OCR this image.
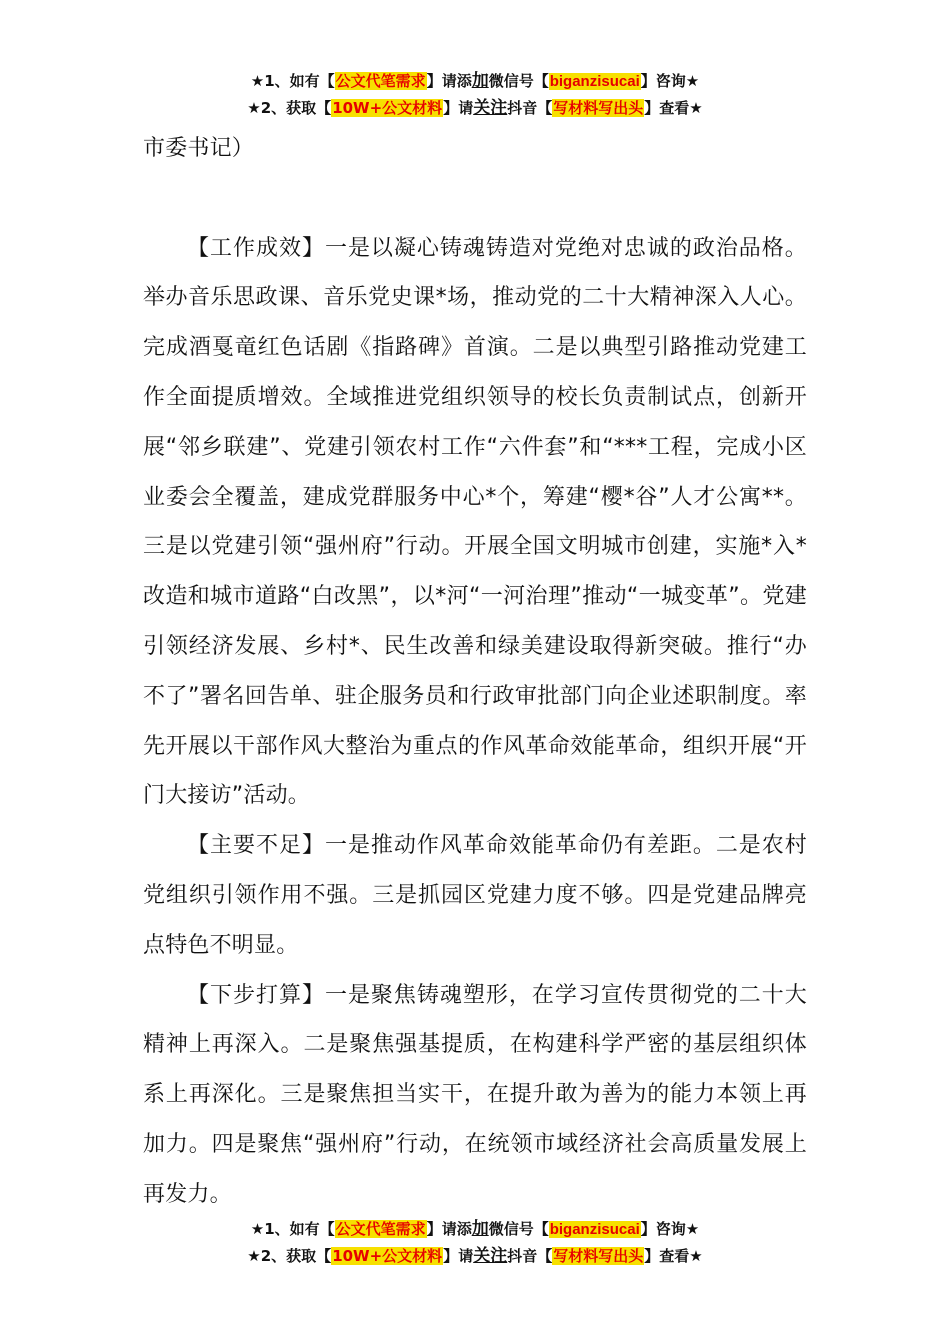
★1、如有【公文代笔需求】请添加微信号【biganzisucai】咨询★
★2、获取【10W+公文材料】请关注抖音【写材料写出头】查看★

市委书记）

【工作成效】一是以凝心铸魂铸造对党绝对忠诚的政治品格。举办音乐思政课、音乐党史课*场，推动党的二十大精神深入人心。完成酒戛竜红色话剧《指路碑》首演。二是以典型引路推动党建工作全面提质增效。全域推进党组织领导的校长负责制试点，创新开展“邻乡联建”、党建引领农村工作“六件套”和“***工程，完成小区业委会全覆盖，建成党群服务中心*个，筹建“樱*谷”人才公寓**。三是以党建引领“强州府”行动。开展全国文明城市创建，实施*入*改造和城市道路“白改黑”，以*河“一河治理”推动“一城变革”。党建引领经济发展、乡村*、民生改善和绿美建设取得新突破。推行“办不了”署名回告单、驻企服务员和行政审批部门向企业述职制度。率先开展以干部作风大整治为重点的作风革命效能革命，组织开展“开门大接访”活动。

【主要不足】一是推动作风革命效能革命仍有差距。二是农村党组织引领作用不强。三是抓园区党建力度不够。四是党建品牌亮点特色不明显。

【下步打算】一是聚焦铸魂塑形，在学习宣传贯彻党的二十大精神上再深入。二是聚焦强基提质，在构建科学严密的基层组织体系上再深化。三是聚焦担当实干，在提升敢为善为的能力本领上再加力。四是聚焦“强州府”行动，在统领市域经济社会高质量发展上再发力。

★1、如有【公文代笔需求】请添加微信号【biganzisucai】咨询★
★2、获取【10W+公文材料】请关注抖音【写材料写出头】查看★
